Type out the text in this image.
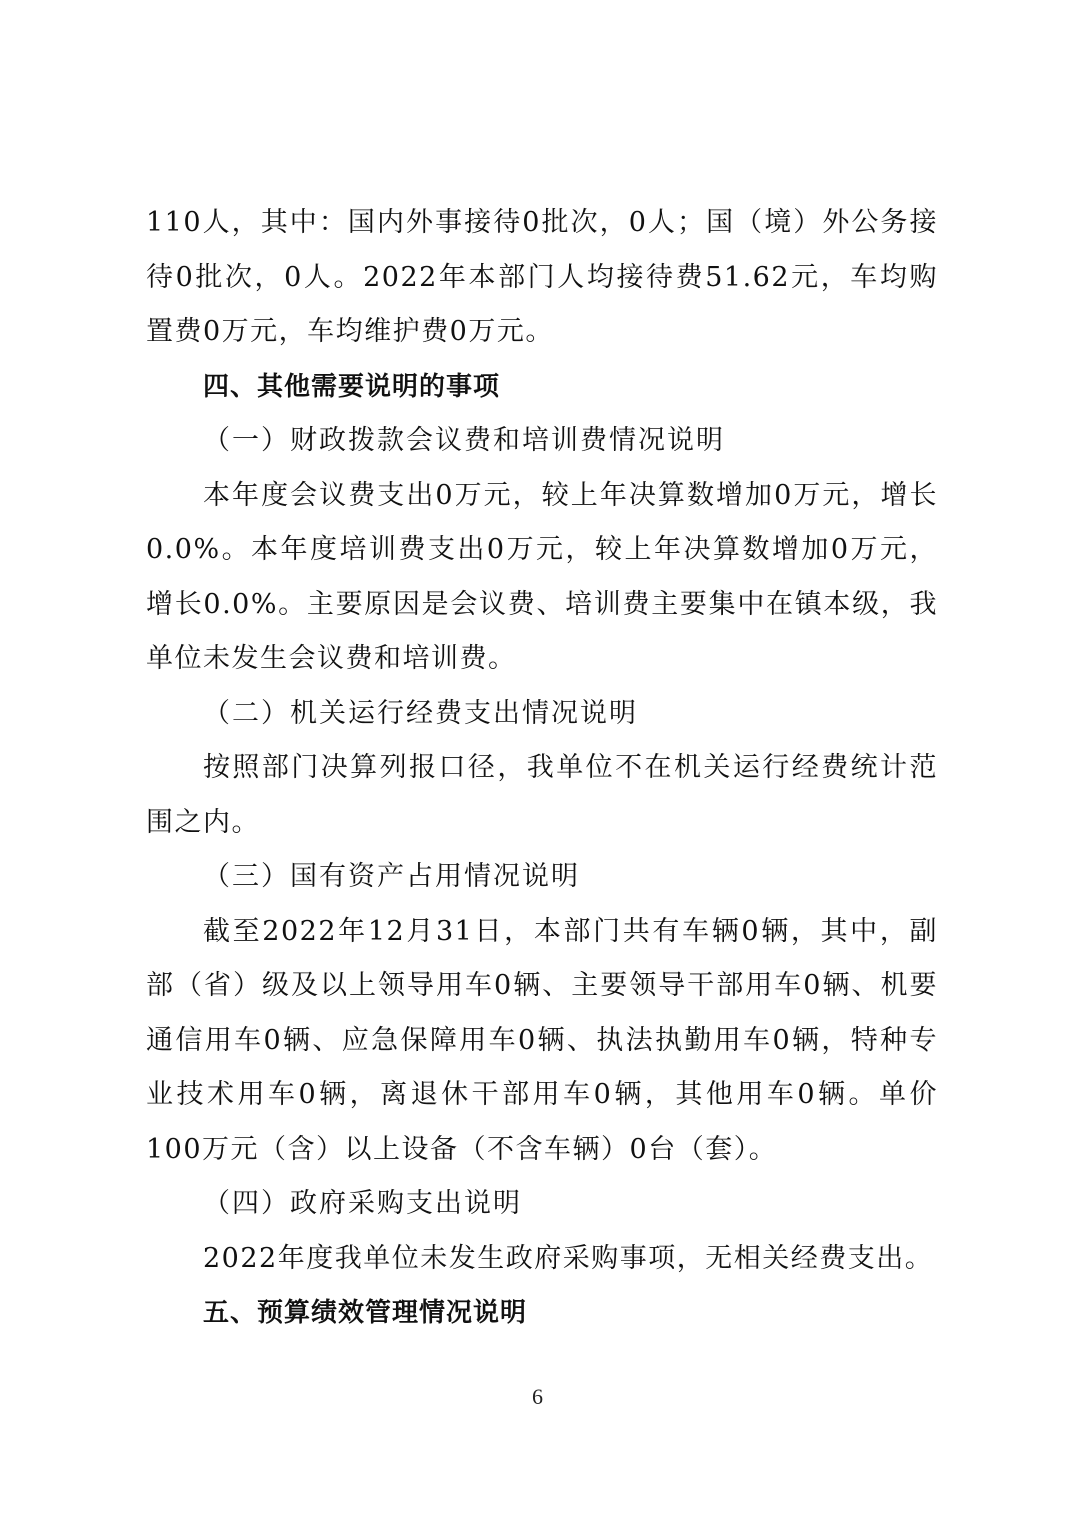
110人，其中：国内外事接待0批次，0人；国（境）外公务接待0批次，0人。2022年本部门人均接待费51.62元，车均购置费0万元，车均维护费0万元。

四、其他需要说明的事项

（一）财政拨款会议费和培训费情况说明

本年度会议费支出0万元，较上年决算数增加0万元，增长0.0%。本年度培训费支出0万元，较上年决算数增加0万元，增长0.0%。主要原因是会议费、培训费主要集中在镇本级，我单位未发生会议费和培训费。

（二）机关运行经费支出情况说明

按照部门决算列报口径，我单位不在机关运行经费统计范围之内。

（三）国有资产占用情况说明

截至2022年12月31日，本部门共有车辆0辆，其中，副部（省）级及以上领导用车0辆、主要领导干部用车0辆、机要通信用车0辆、应急保障用车0辆、执法执勤用车0辆，特种专业技术用车0辆，离退休干部用车0辆，其他用车0辆。单价100万元（含）以上设备（不含车辆）0台（套）。

（四）政府采购支出说明

2022年度我单位未发生政府采购事项，无相关经费支出。

五、预算绩效管理情况说明

6
